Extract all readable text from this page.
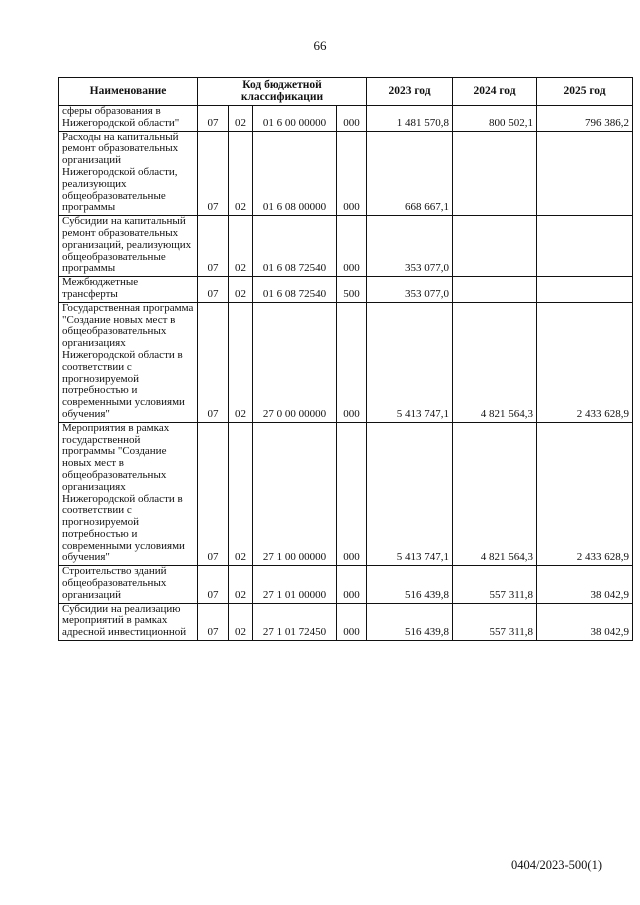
66
Наименование	Код бюджетной классификации				2023 год	2024 год	2025 год
сферы образования в Нижегородской области"	07	02	01 6 00 00000	000	1 481 570,8	800 502,1	796 386,2
Расходы на капитальный ремонт образовательных организаций Нижегородской области, реализующих общеобразовательные программы	07	02	01 6 08 00000	000	668 667,1		
Субсидии на капитальный ремонт образовательных организаций, реализующих общеобразовательные программы	07	02	01 6 08 72540	000	353 077,0		
Межбюджетные трансферты	07	02	01 6 08 72540	500	353 077,0		
Государственная программа "Создание новых мест в общеобразовательных организациях Нижегородской области в соответствии с прогнозируемой потребностью и современными условиями обучения"	07	02	27 0 00 00000	000	5 413 747,1	4 821 564,3	2 433 628,9
Мероприятия в рамках государственной программы "Создание новых мест в общеобразовательных организациях Нижегородской области в соответствии с прогнозируемой потребностью и современными условиями обучения"	07	02	27 1 00 00000	000	5 413 747,1	4 821 564,3	2 433 628,9
Строительство зданий общеобразовательных организаций	07	02	27 1 01 00000	000	516 439,8	557 311,8	38 042,9
Субсидии на реализацию мероприятий в рамках адресной инвестиционной	07	02	27 1 01 72450	000	516 439,8	557 311,8	38 042,9
0404/2023-500(1)
